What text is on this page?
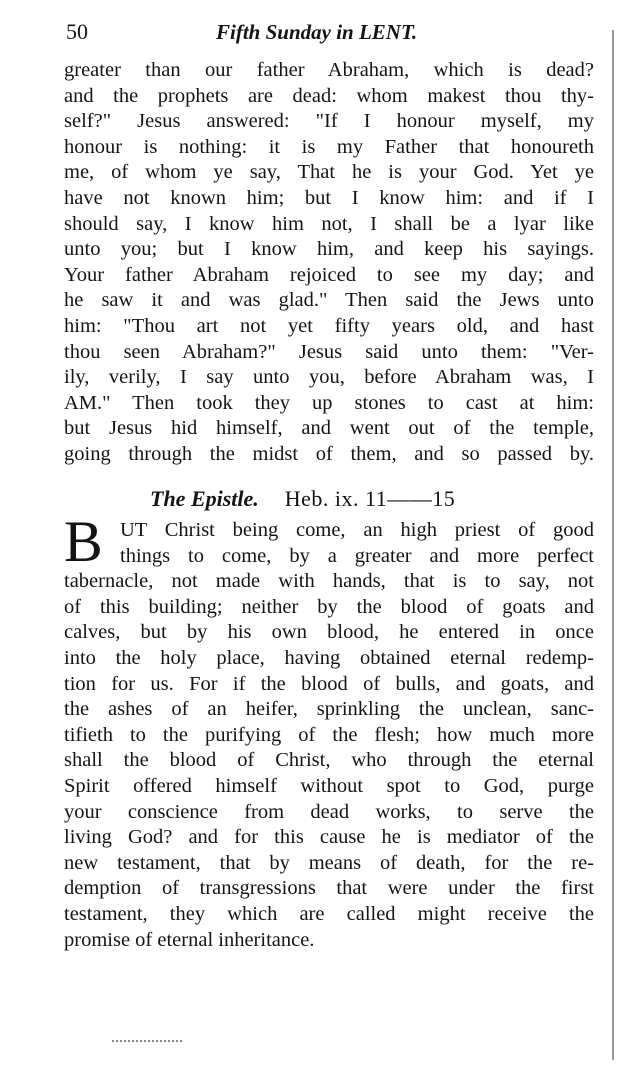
50	Fifth Sunday in LENT.
greater than our father Abraham, which is dead?
and the prophets are dead: whom makest thou thy-
self?" Jesus answered: "If I honour myself, my
honour is nothing: it is my Father that honoureth
me, of whom ye say, That he is your God. Yet ye
have not known him; but I know him: and if I
should say, I know him not, I shall be a lyar like
unto you; but I know him, and keep his sayings.
Your father Abraham rejoiced to see my day; and
he saw it and was glad." Then said the Jews unto
him: "Thou art not yet fifty years old, and hast
thou seen Abraham?" Jesus said unto them: "Ver-
ily, verily, I say unto you, before Abraham was, I
AM." Then took they up stones to cast at him:
but Jesus hid himself, and went out of the temple,
going through the midst of them, and so passed by.
The Epistle. Heb. ix. 11——15
B UT Christ being come, an high priest of good
things to come, by a greater and more perfect
tabernacle, not made with hands, that is to say, not
of this building; neither by the blood of goats and
calves, but by his own blood, he entered in once
into the holy place, having obtained eternal redemp-
tion for us. For if the blood of bulls, and goats, and
the ashes of an heifer, sprinkling the unclean, sanc-
tifieth to the purifying of the flesh; how much more
shall the blood of Christ, who through the eternal
Spirit offered himself without spot to God, purge
your conscience from dead works, to serve the
living God? and for this cause he is mediator of the
new testament, that by means of death, for the re-
demption of transgressions that were under the first
testament, they which are called might receive the
promise of eternal inheritance.
